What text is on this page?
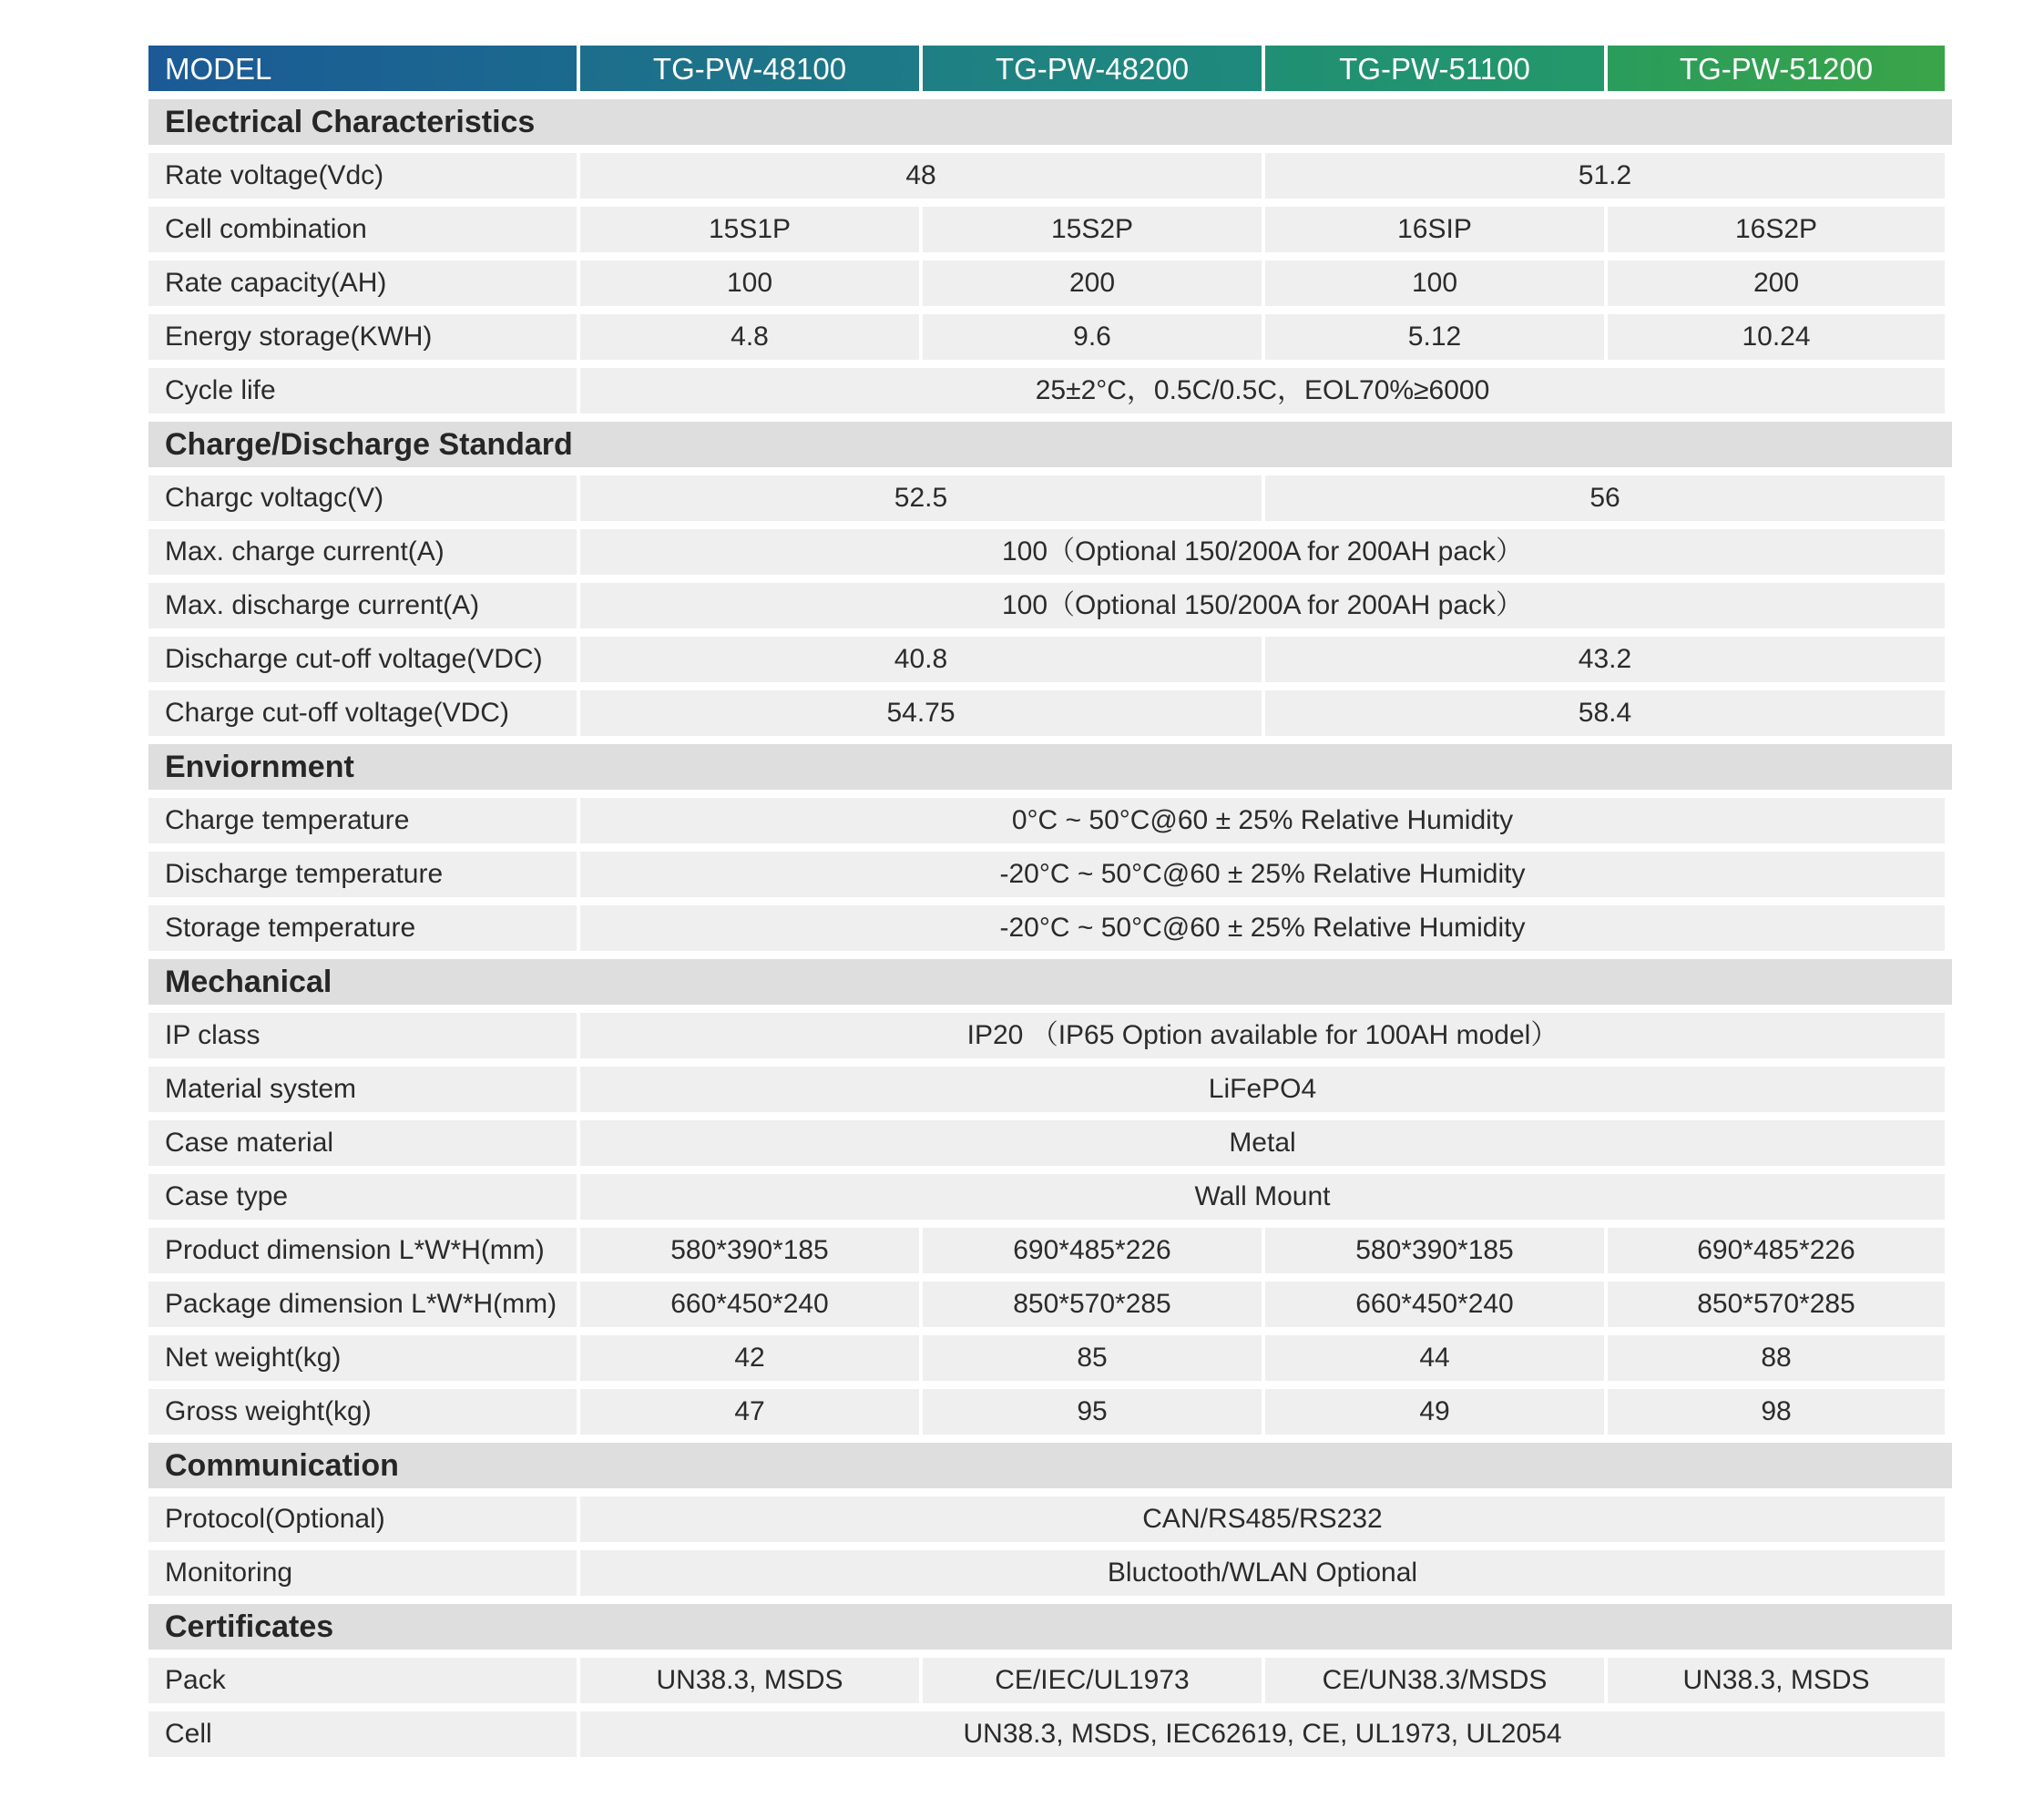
MODEL	TG-PW-48100	TG-PW-48200	TG-PW-51100	TG-PW-51200
Electrical Characteristics
Rate voltage(Vdc)	48	51.2
Cell combination	15S1P	15S2P	16SIP	16S2P
Rate capacity(AH)	100	200	100	200
Energy storage(KWH)	4.8	9.6	5.12	10.24
Cycle life	25±2°C，0.5C/0.5C，EOL70%≥6000
Charge/Discharge Standard
Chargc voltagc(V)	52.5	56
Max. charge current(A)	100（Optional 150/200A for 200AH pack）
Max. discharge current(A)	100（Optional 150/200A for 200AH pack）
Discharge cut-off voltage(VDC)	40.8	43.2
Charge cut-off voltage(VDC)	54.75	58.4
Enviornment
Charge temperature	0°C ~ 50°C@60 ± 25% Relative Humidity
Discharge temperature	-20°C ~ 50°C@60 ± 25% Relative Humidity
Storage temperature	-20°C ~ 50°C@60 ± 25% Relative Humidity
Mechanical
IP class	IP20 （IP65 Option available for 100AH model）
Material system	LiFePO4
Case material	Metal
Case type	Wall Mount
Product dimension L*W*H(mm)	580*390*185	690*485*226	580*390*185	690*485*226
Package dimension L*W*H(mm)	660*450*240	850*570*285	660*450*240	850*570*285
Net weight(kg)	42	85	44	88
Gross weight(kg)	47	95	49	98
Communication
Protocol(Optional)	CAN/RS485/RS232
Monitoring	Bluctooth/WLAN Optional
Certificates
Pack	UN38.3, MSDS	CE/IEC/UL1973	CE/UN38.3/MSDS	UN38.3, MSDS
Cell	UN38.3, MSDS, IEC62619, CE, UL1973, UL2054
